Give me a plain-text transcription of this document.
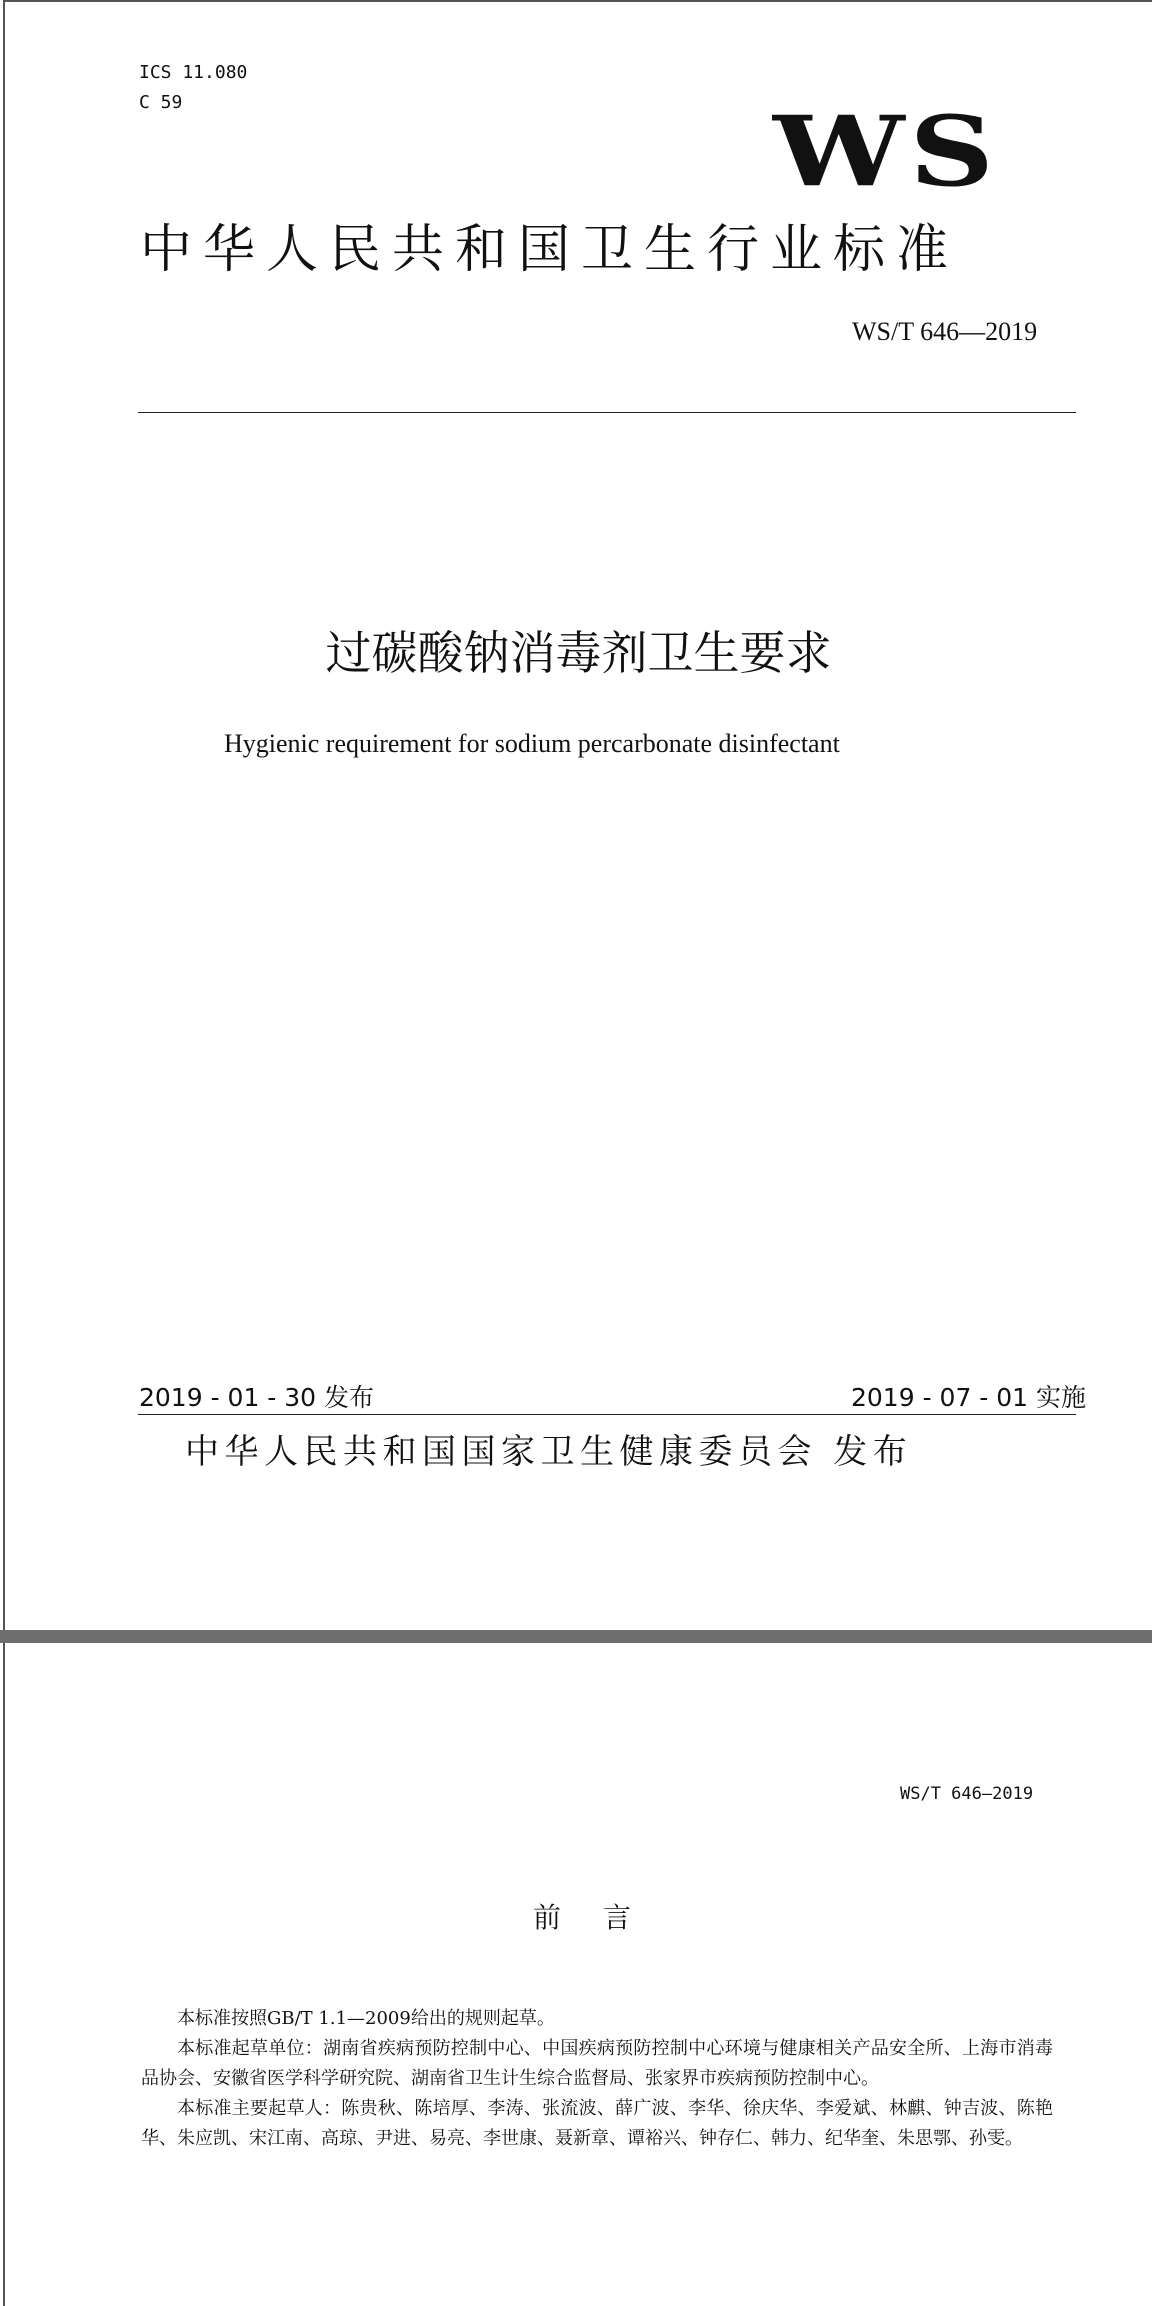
ICS 11.080
C 59	WS
中华人民共和国卫生行业标准
WS/T 646—2019
过碳酸钠消毒剂卫生要求
Hygienic requirement for sodium percarbonate disinfectant
2019 - 01 - 30 发布	2019 - 07 - 01 实施
中华人民共和国国家卫生健康委员会 发布
WS/T 646—2019
前言

本标准按照GB/T 1.1—2009给出的规则起草。

本标准起草单位：湖南省疾病预防控制中心、中国疾病预防控制中心环境与健康相关产品安全所、上海市消毒品协会、安徽省医学科学研究院、湖南省卫生计生综合监督局、张家界市疾病预防控制中心。

本标准主要起草人：陈贵秋、陈培厚、李涛、张流波、薛广波、李华、徐庆华、李爱斌、林麒、钟吉波、陈艳华、朱应凯、宋江南、高琼、尹进、易亮、李世康、聂新章、谭裕兴、钟存仁、韩力、纪华奎、朱思鄂、孙雯。
